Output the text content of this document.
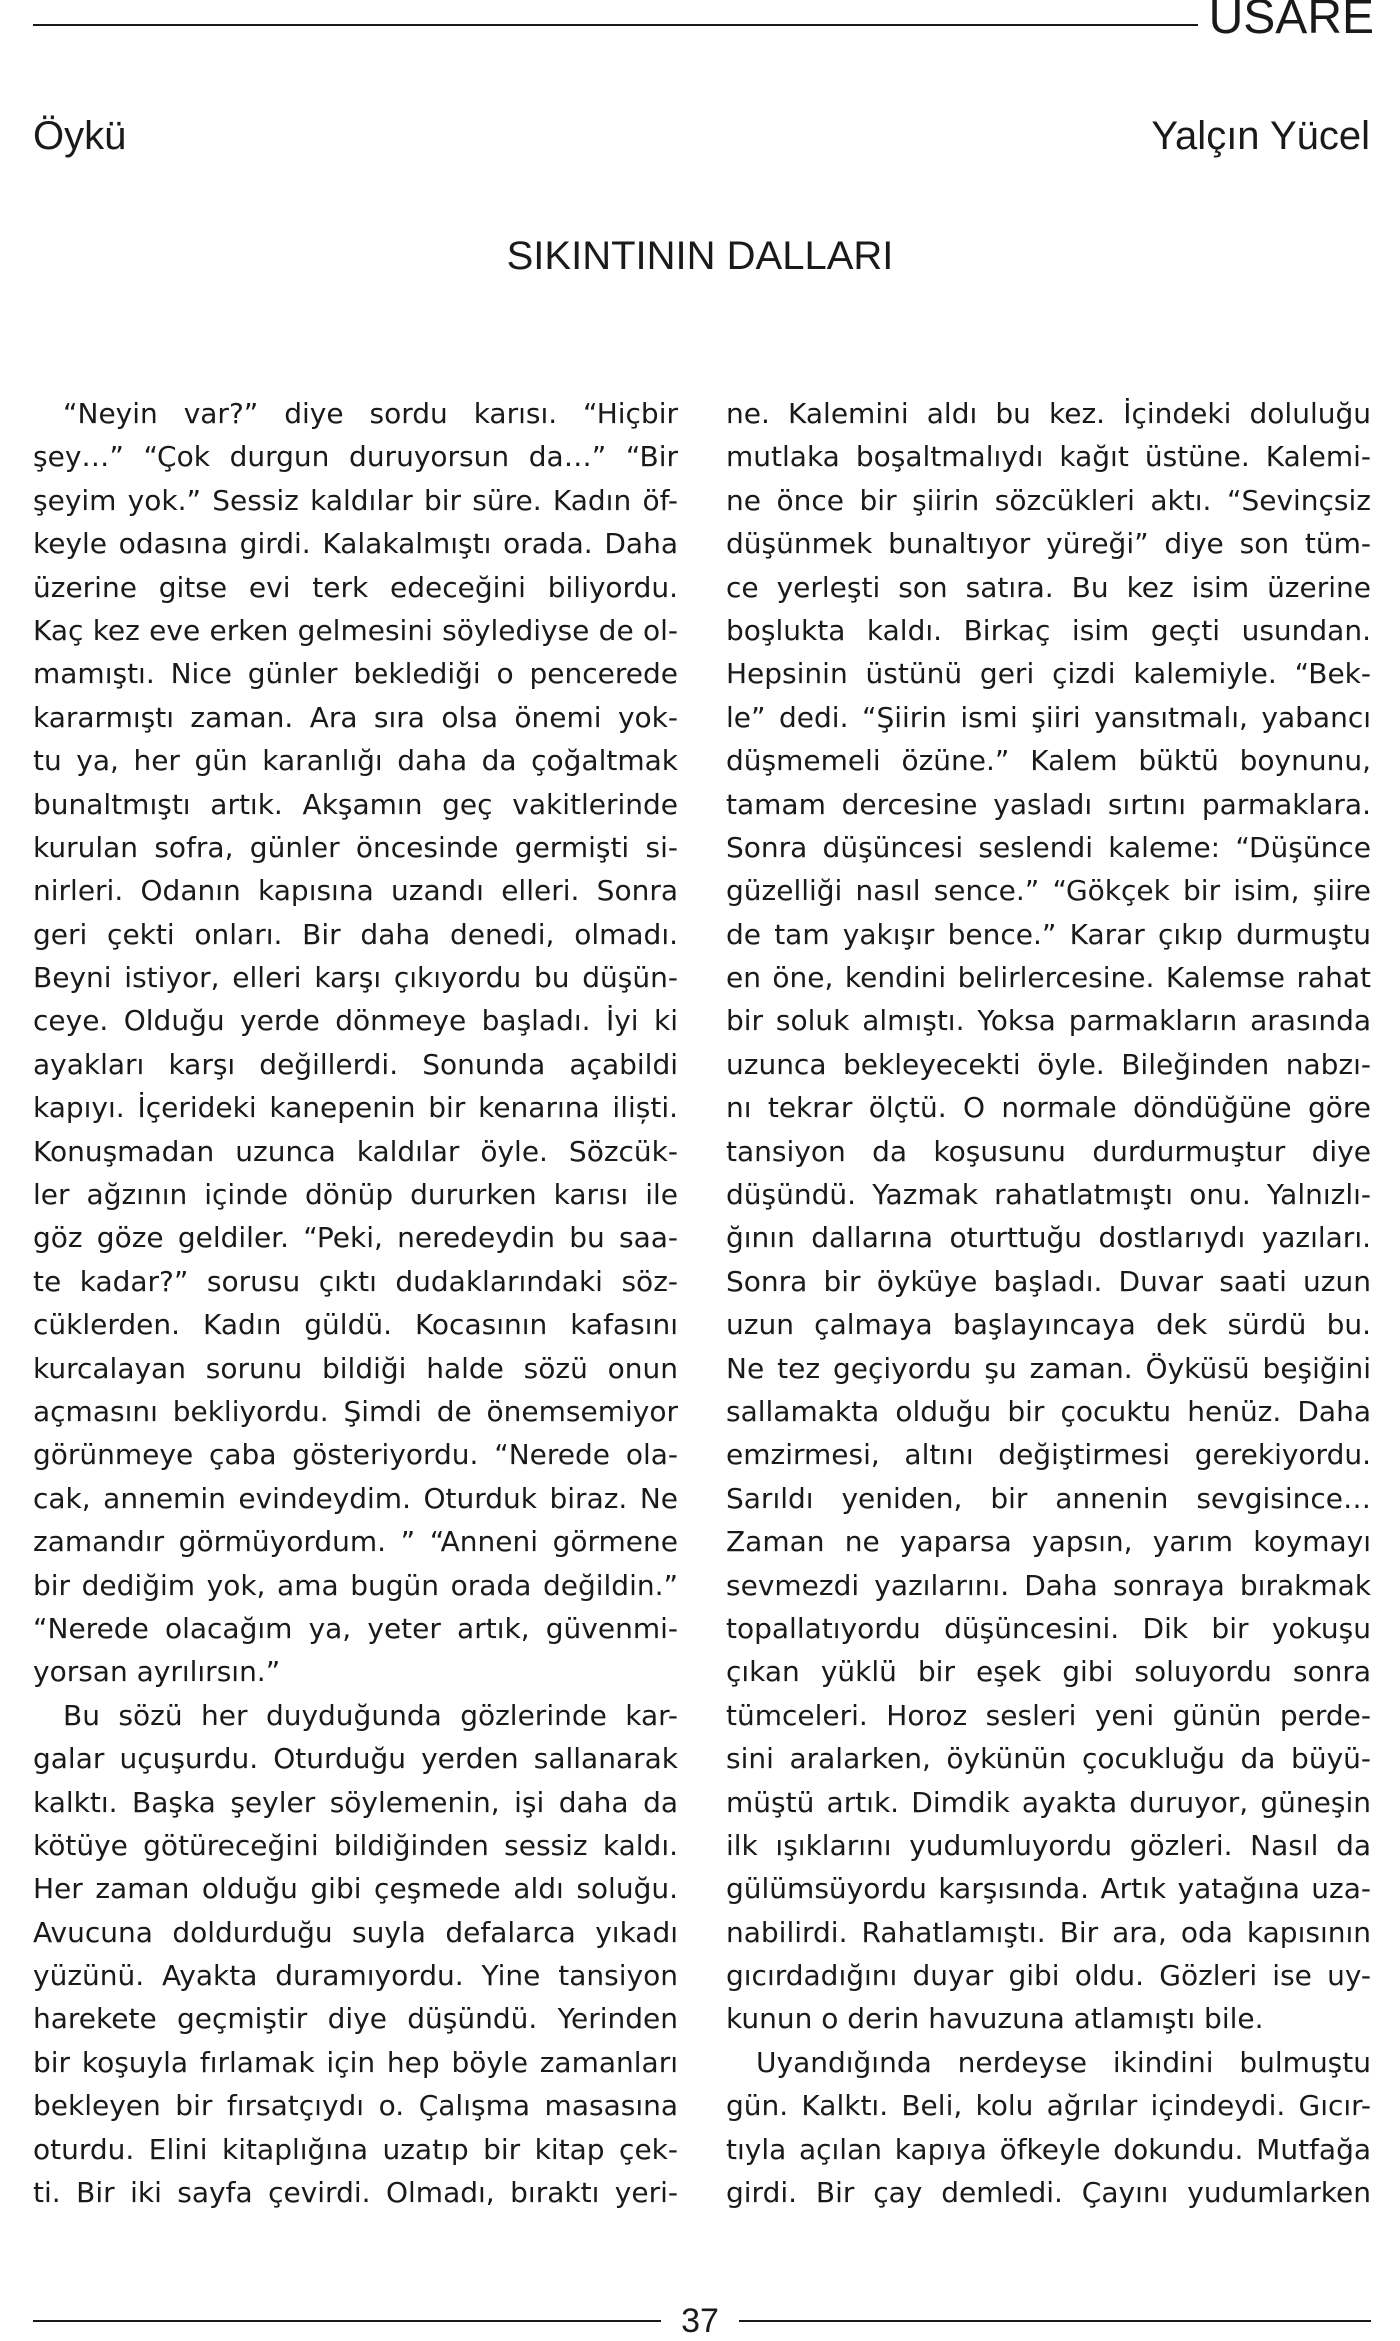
USARE
Öykü	Yalçın Yücel
SIKINTININ DALLARI
“Neyin var?” diye sordu karısı. “Hiçbir
şey…” “Çok durgun duruyorsun da…” “Bir
şeyim yok.” Sessiz kaldılar bir süre. Kadın öf-
keyle odasına girdi. Kalakalmıştı orada. Daha
üzerine gitse evi terk edeceğini biliyordu.
Kaç kez eve erken gelmesini söylediyse de ol-
mamıştı. Nice günler beklediği o pencerede
kararmıştı zaman. Ara sıra olsa önemi yok-
tu ya, her gün karanlığı daha da çoğaltmak
bunaltmıştı artık. Akşamın geç vakitlerinde
kurulan sofra, günler öncesinde germişti si-
nirleri. Odanın kapısına uzandı elleri. Sonra
geri çekti onları. Bir daha denedi, olmadı.
Beyni istiyor, elleri karşı çıkıyordu bu düşün-
ceye. Olduğu yerde dönmeye başladı. İyi ki
ayakları karşı değillerdi. Sonunda açabildi
kapıyı. İçerideki kanepenin bir kenarına iliști.
Konuşmadan uzunca kaldılar öyle. Sözcük-
ler ağzının içinde dönüp dururken karısı ile
göz göze geldiler. “Peki, neredeydin bu saa-
te kadar?” sorusu çıktı dudaklarındaki söz-
cüklerden. Kadın güldü. Kocasının kafasını
kurcalayan sorunu bildiği halde sözü onun
açmasını bekliyordu. Şimdi de önemsemiyor
görünmeye çaba gösteriyordu. “Nerede ola-
cak, annemin evindeydim. Oturduk biraz. Ne
zamandır görmüyordum. ” “Anneni görmene
bir dediğim yok, ama bugün orada değildin.”
“Nerede olacağım ya, yeter artık, güvenmi-
yorsan ayrılırsın.”
Bu sözü her duyduğunda gözlerinde kar-
galar uçuşurdu. Oturduğu yerden sallanarak
kalktı. Başka şeyler söylemenin, işi daha da
kötüye götüreceğini bildiğinden sessiz kaldı.
Her zaman olduğu gibi çeşmede aldı soluğu.
Avucuna doldurduğu suyla defalarca yıkadı
yüzünü. Ayakta duramıyordu. Yine tansiyon
harekete geçmiştir diye düşündü. Yerinden
bir koşuyla fırlamak için hep böyle zamanları
bekleyen bir fırsatçıydı o. Çalışma masasına
oturdu. Elini kitaplığına uzatıp bir kitap çek-
ti. Bir iki sayfa çevirdi. Olmadı, bıraktı yeri-
ne. Kalemini aldı bu kez. İçindeki doluluğu
mutlaka boşaltmalıydı kağıt üstüne. Kalemi-
ne önce bir şiirin sözcükleri aktı. “Sevinçsiz
düşünmek bunaltıyor yüreği” diye son tüm-
ce yerleşti son satıra. Bu kez isim üzerine
boşlukta kaldı. Birkaç isim geçti usundan.
Hepsinin üstünü geri çizdi kalemiyle. “Bek-
le” dedi. “Şiirin ismi şiiri yansıtmalı, yabancı
düşmemeli özüne.” Kalem büktü boynunu,
tamam dercesine yasladı sırtını parmaklara.
Sonra düşüncesi seslendi kaleme: “Düşünce
güzelliği nasıl sence.” “Gökçek bir isim, şiire
de tam yakışır bence.” Karar çıkıp durmuştu
en öne, kendini belirlercesine. Kalemse rahat
bir soluk almıştı. Yoksa parmakların arasında
uzunca bekleyecekti öyle. Bileğinden nabzı-
nı tekrar ölçtü. O normale döndüğüne göre
tansiyon da koşusunu durdurmuştur diye
düşündü. Yazmak rahatlatmıştı onu. Yalnızlı-
ğının dallarına oturttuğu dostlarıydı yazıları.
Sonra bir öyküye başladı. Duvar saati uzun
uzun çalmaya başlayıncaya dek sürdü bu.
Ne tez geçiyordu şu zaman. Öyküsü beşiğini
sallamakta olduğu bir çocuktu henüz. Daha
emzirmesi, altını değiştirmesi gerekiyordu.
Sarıldı yeniden, bir annenin sevgisince…
Zaman ne yaparsa yapsın, yarım koymayı
sevmezdi yazılarını. Daha sonraya bırakmak
topallatıyordu düşüncesini. Dik bir yokuşu
çıkan yüklü bir eşek gibi soluyordu sonra
tümceleri. Horoz sesleri yeni günün perde-
sini aralarken, öykünün çocukluğu da büyü-
müştü artık. Dimdik ayakta duruyor, güneşin
ilk ışıklarını yudumluyordu gözleri. Nasıl da
gülümsüyordu karşısında. Artık yatağına uza-
nabilirdi. Rahatlamıştı. Bir ara, oda kapısının
gıcırdadığını duyar gibi oldu. Gözleri ise uy-
kunun o derin havuzuna atlamıştı bile.
Uyandığında nerdeyse ikindini bulmuştu
gün. Kalktı. Beli, kolu ağrılar içindeydi. Gıcır-
tıyla açılan kapıya öfkeyle dokundu. Mutfağa
girdi. Bir çay demledi. Çayını yudumlarken
37
